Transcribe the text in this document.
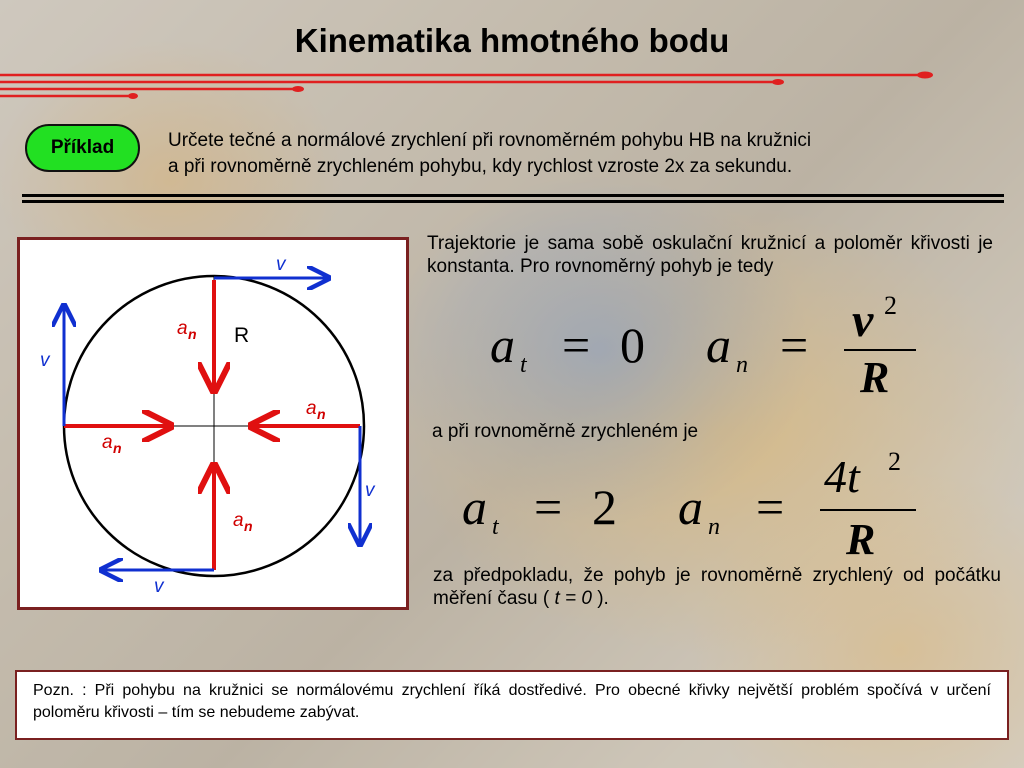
Kinematika hmotného bodu
Příklad	Určete tečné a normálové zrychlení při rovnoměrném pohybu HB na kružnici
a při rovnoměrně zrychleném pohybu, kdy rychlost vzroste 2x za sekundu.
R
v
v
v
v
a n
a n
a n
a n
Trajektorie je sama sobě oskulační kružnicí a poloměr křivosti je konstanta. Pro rovnoměrný pohyb je tedy
a t = 0 a n = v 2
R
a při rovnoměrně zrychleném je
a t = 2 a n =
4t 2
R
za předpokladu, že pohyb je rovnoměrně zrychlený od počátku měření času ( t = 0 ).
Pozn. : Při pohybu na kružnici se normálovému zrychlení říká dostředivé. Pro obecné křivky největší problém spočívá v určení poloměru křivosti – tím se nebudeme zabývat.
